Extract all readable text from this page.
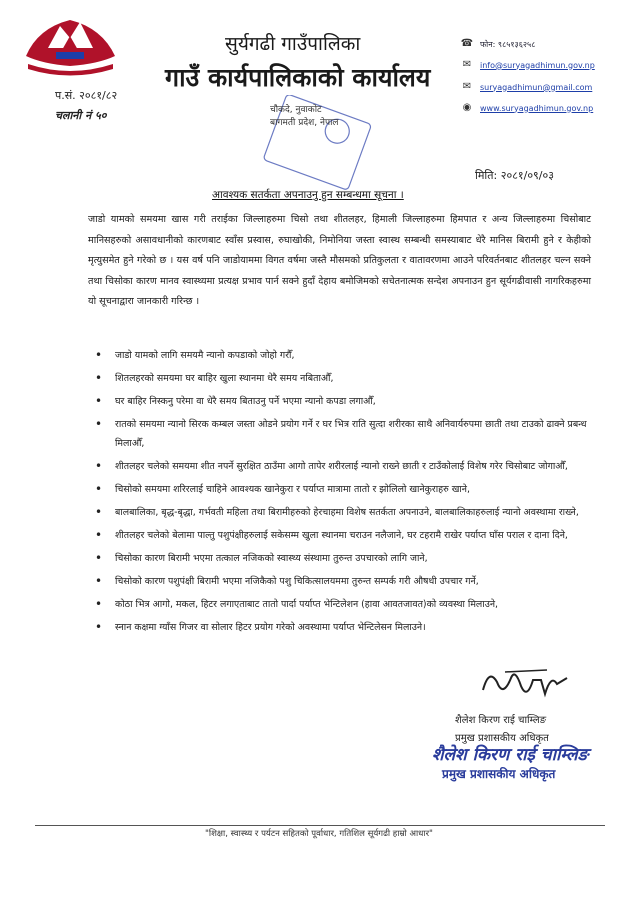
सुर्यगढी गाउँपालिका
गाउँ कार्यपालिकाको कार्यालय
☎ फोन: ९८५१३६२५८
✉	info@suryagadhimun.gov.np
✉	suryagadhimun@gmail.com
◉	www.suryagadhimun.gov.np
प.सं. २०८१/८२
चलानी नं ५०	चौकदे, नुवाकोट
बागमती प्रदेश, नेपाल
मिति: २०८१/०९/०३
आवश्यक सतर्कता अपनाउनु हुन सम्बन्धमा सूचना ।
जाडो यामको समयमा खास गरी तराईका जिल्लाहरुमा चिसो तथा शीतलहर, हिमाली जिल्लाहरुमा हिमपात र अन्य जिल्लाहरुमा चिसोबाट मानिसहरुको असावधानीको कारणबाट स्वाँस प्रस्वास, रुघाखोकी, निमोनिया जस्ता स्वास्थ सम्बन्धी समस्याबाट धेरै मानिस बिरामी हुने र केहीको मृत्युसमेत हुने गरेको छ । यस वर्ष पनि जाडोयाममा विगत वर्षमा जस्तै मौसमको प्रतिकुलता र वातावरणमा आउने परिवर्तनबाट शीतलहर चल्न सक्ने तथा चिसोका कारण मानव स्वास्थ्यमा प्रत्यक्ष प्रभाव पार्न सक्ने हुदाँ देहाय बमोजिमको सचेतनात्मक सन्देश अपनाउन हुन सूर्यगढीवासी नागरिकहरुमा यो सूचनाद्वारा जानकारी गरिन्छ ।
• जाडो यामको लागि समयमै न्यानो कपडाको जोहो गरौँ,
• शितलहरको समयमा घर बाहिर खुला स्थानमा धेरै समय नबिताऔँ,
• घर बाहिर निस्कनु परेमा वा धेरै समय बिताउनु पर्ने भएमा न्यानो कपडा लगाऔँ,
• रातको समयमा न्यानो सिरक कम्बल जस्ता ओडने प्रयोग गर्ने र घर भित्र राति सुत्दा शरीरका साथै अनिवार्यरुपमा छाती तथा टाउको ढाक्ने प्रबन्ध मिलाऔँ,
• शीतलहर चलेको समयमा शीत नपर्ने सुरक्षित ठाउँमा आगो तापेर शरीरलाई न्यानो राख्ने छाती र टाउँकोलाई विशेष गरेर चिसोबाट जोगाऔँ,
• चिसोको समयमा शरिरलाई चाहिने आवश्यक खानेकुरा र पर्याप्त मात्रामा तातो र झोलिलो खानेकुराहरु खाने,
• बालबालिका, बृद्ध-बृद्धा, गर्भवती महिला तथा बिरामीहरुको हेरचाहमा विशेष सतर्कता अपनाउने, बालबालिकाहरुलाई न्यानो अवस्थामा राख्ने,
• शीतलहर चलेको बेलामा पाल्तु पशुपंक्षीहरुलाई सकेसम्म खुला स्थानमा चराउन नलैजाने, घर टहरामै राखेर पर्याप्त घाँस पराल र दाना दिने,
• चिसोका कारण बिरामी भएमा तत्काल नजिकको स्वास्थ्य संस्थामा तुरुन्त उपचारको लागि जाने,
• चिसोको कारण पशुपंक्षी बिरामी भएमा नजिकैको पशु चिकित्सालयममा तुरुन्त सम्पर्क गरी औषधी उपचार गर्ने,
• कोठा भित्र आगो, मकल, हिटर लगाएताबाट तातो पार्दा पर्याप्त भेन्टिलेशन (हावा आवतजावत)को व्यवस्था मिलाउने,
• स्नान कक्षमा ग्याँस गिजर वा सोलार हिटर प्रयोग गरेको अवस्थामा पर्याप्त भेन्टिलेसन मिलाउने।
शैलेश किरण राई चाम्लिङ
प्रमुख प्रशासकीय अधिकृत
शैलेश किरण राई चाम्लिङ
प्रमुख प्रशासकीय अधिकृत
"शिक्षा, स्वास्थ्य र पर्यटन सहितको पूर्वाधार, गतिशिल सूर्यगढी हाम्रो आधार"
